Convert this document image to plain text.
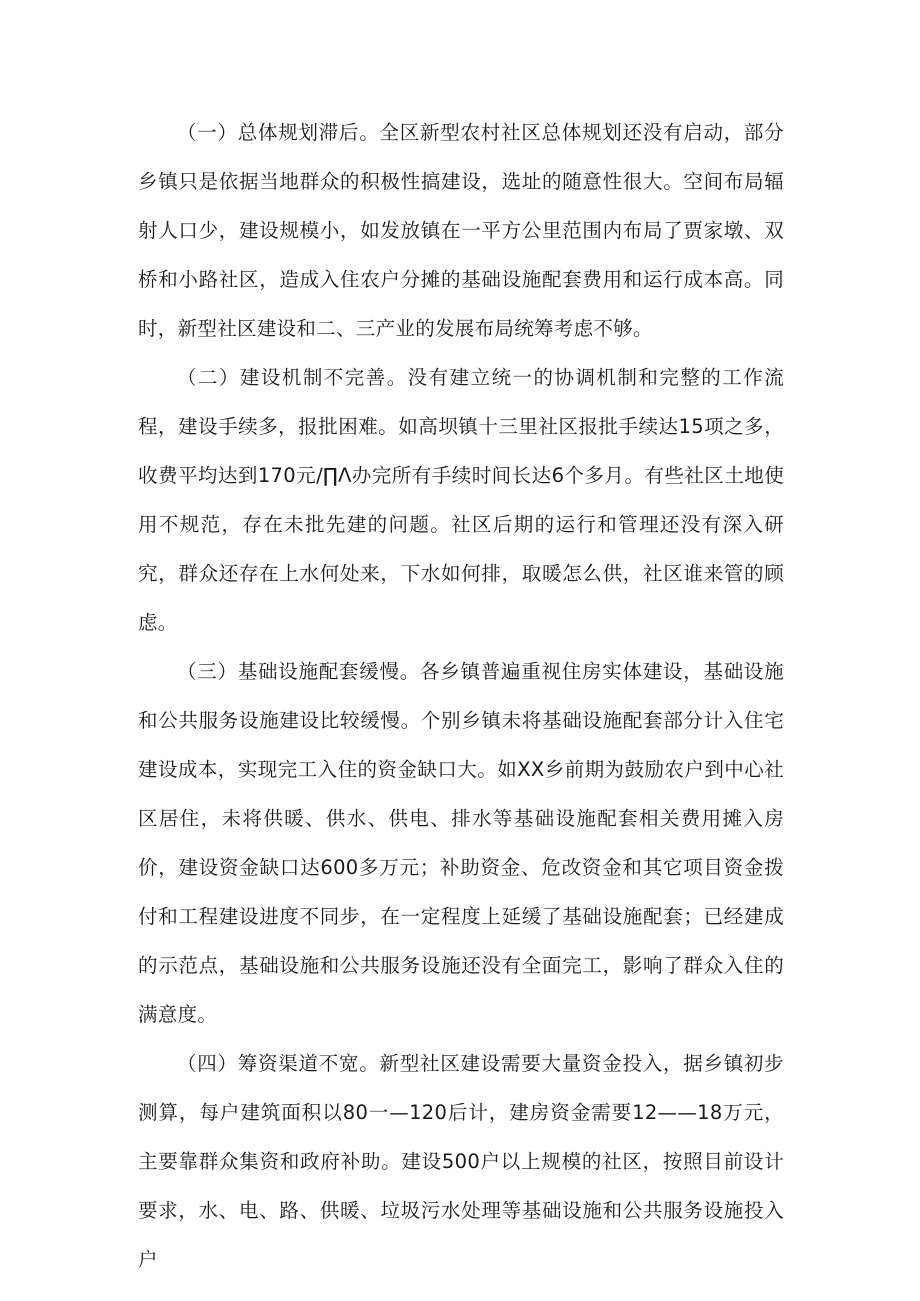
（一）总体规划滞后。全区新型农村社区总体规划还没有启动，部分乡镇只是依据当地群众的积极性搞建设，选址的随意性很大。空间布局辐射人口少，建设规模小，如发放镇在一平方公里范围内布局了贾家墩、双桥和小路社区，造成入住农户分摊的基础设施配套费用和运行成本高。同时，新型社区建设和二、三产业的发展布局统筹考虑不够。

（二）建设机制不完善。没有建立统一的协调机制和完整的工作流程，建设手续多，报批困难。如高坝镇十三里社区报批手续达15项之多，收费平均达到170元∕∏Λ办完所有手续时间长达6个多月。有些社区土地使用不规范，存在未批先建的问题。社区后期的运行和管理还没有深入研究，群众还存在上水何处来，下水如何排，取暖怎么供，社区谁来管的顾虑。

（三）基础设施配套缓慢。各乡镇普遍重视住房实体建设，基础设施和公共服务设施建设比较缓慢。个别乡镇未将基础设施配套部分计入住宅建设成本，实现完工入住的资金缺口大。如XX乡前期为鼓励农户到中心社区居住，未将供暖、供水、供电、排水等基础设施配套相关费用摊入房价，建设资金缺口达600多万元；补助资金、危改资金和其它项目资金拨付和工程建设进度不同步，在一定程度上延缓了基础设施配套；已经建成的示范点，基础设施和公共服务设施还没有全面完工，影响了群众入住的满意度。

（四）筹资渠道不宽。新型社区建设需要大量资金投入，据乡镇初步测算，每户建筑面积以80一—120后计，建房资金需要12——18万元，主要靠群众集资和政府补助。建设500户以上规模的社区，按照目前设计要求，水、电、路、供暖、垃圾污水处理等基础设施和公共服务设施投入户
